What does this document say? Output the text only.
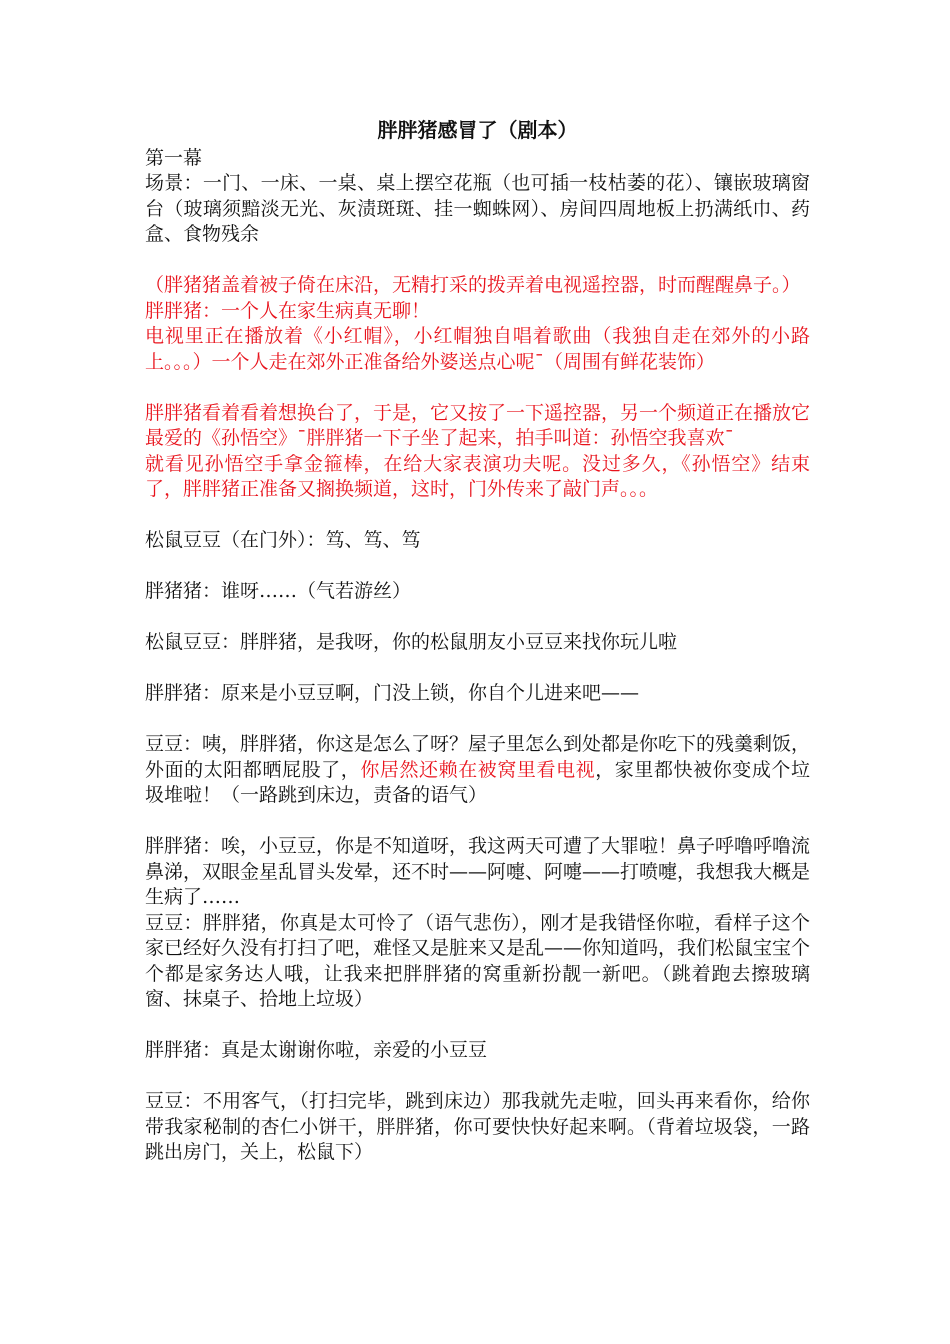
胖胖猪感冒了（剧本）

第一幕

场景：一门、一床、一桌、桌上摆空花瓶（也可插一枝枯萎的花）、镶嵌玻璃窗台（玻璃须黯淡无光、灰渍斑斑、挂一蜘蛛网）、房间四周地板上扔满纸巾、药盒、食物残余

（胖猪猪盖着被子倚在床沿，无精打采的拨弄着电视遥控器，时而醒醒鼻子。）

胖胖猪：一个人在家生病真无聊！

电视里正在播放着《小红帽》，小红帽独自唱着歌曲（我独自走在郊外的小路上。。。）一个人走在郊外正准备给外婆送点心呢ˉ（周围有鲜花装饰）

胖胖猪看着看着想换台了，于是，它又按了一下遥控器，另一个频道正在播放它最爱的《孙悟空》ˉ胖胖猪一下子坐了起来，拍手叫道：孙悟空我喜欢ˉ

就看见孙悟空手拿金箍棒，在给大家表演功夫呢。没过多久，《孙悟空》结束了，胖胖猪正准备又搁换频道，这时，门外传来了敲门声。。。

松鼠豆豆（在门外）：笃、笃、笃

胖猪猪：谁呀……（气若游丝）

松鼠豆豆：胖胖猪，是我呀，你的松鼠朋友小豆豆来找你玩儿啦

胖胖猪：原来是小豆豆啊，门没上锁，你自个儿进来吧——

豆豆：咦，胖胖猪，你这是怎么了呀？屋子里怎么到处都是你吃下的残羹剩饭，外面的太阳都晒屁股了，你居然还赖在被窝里看电视，家里都快被你变成个垃圾堆啦！（一路跳到床边，责备的语气）

胖胖猪：唉，小豆豆，你是不知道呀，我这两天可遭了大罪啦！鼻子呼噜呼噜流鼻涕，双眼金星乱冒头发晕，还不时——阿嚏、阿嚏——打喷嚏，我想我大概是生病了……

豆豆：胖胖猪，你真是太可怜了（语气悲伤），刚才是我错怪你啦，看样子这个家已经好久没有打扫了吧，难怪又是脏来又是乱——你知道吗，我们松鼠宝宝个个都是家务达人哦，让我来把胖胖猪的窝重新扮靓一新吧。（跳着跑去擦玻璃窗、抹桌子、拾地上垃圾）

胖胖猪：真是太谢谢你啦，亲爱的小豆豆

豆豆：不用客气，（打扫完毕，跳到床边）那我就先走啦，回头再来看你，给你带我家秘制的杏仁小饼干，胖胖猪，你可要快快好起来啊。（背着垃圾袋，一路跳出房门，关上，松鼠下）
